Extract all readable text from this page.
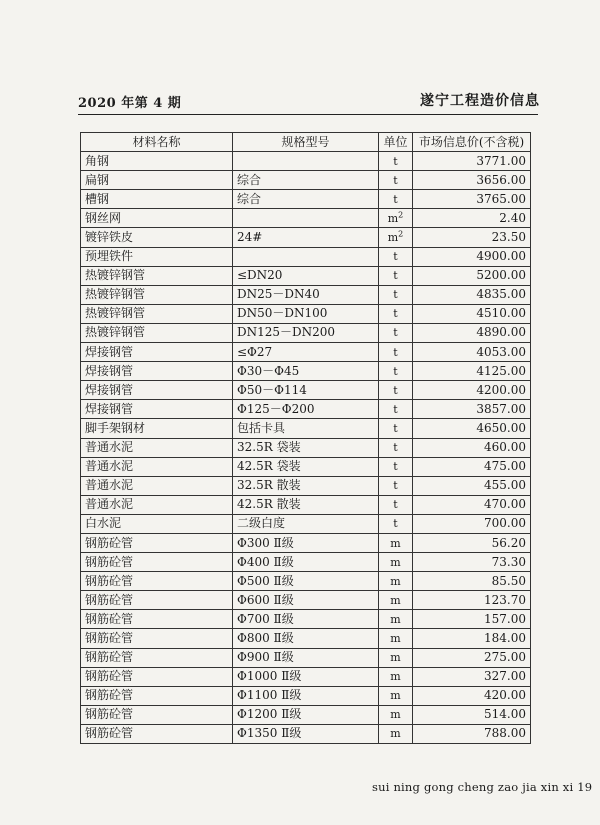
2020 年第 4 期	遂宁工程造价信息
材料名称	规格型号	单位	市场信息价(不含税)
角钢		t	3771.00
扁钢	综合	t	3656.00
槽钢	综合	t	3765.00
钢丝网		$m^2$	2.40
镀锌铁皮	24#	$m^2$	23.50
预埋铁件		t	4900.00
热镀锌钢管	≤DN20	t	5200.00
热镀锌钢管	DN25－DN40	t	4835.00
热镀锌钢管	DN50－DN100	t	4510.00
热镀锌钢管	DN125－DN200	t	4890.00
焊接钢管	≤Φ27	t	4053.00
焊接钢管	Φ30－Φ45	t	4125.00
焊接钢管	Φ50－Φ114	t	4200.00
焊接钢管	Φ125－Φ200	t	3857.00
脚手架钢材	包括卡具	t	4650.00
普通水泥	32.5R 袋装	t	460.00
普通水泥	42.5R 袋装	t	475.00
普通水泥	32.5R 散装	t	455.00
普通水泥	42.5R 散装	t	470.00
白水泥	二级白度	t	700.00
钢筋砼管	Φ300 Ⅱ级	m	56.20
钢筋砼管	Φ400 Ⅱ级	m	73.30
钢筋砼管	Φ500 Ⅱ级	m	85.50
钢筋砼管	Φ600 Ⅱ级	m	123.70
钢筋砼管	Φ700 Ⅱ级	m	157.00
钢筋砼管	Φ800 Ⅱ级	m	184.00
钢筋砼管	Φ900 Ⅱ级	m	275.00
钢筋砼管	Φ1000 Ⅱ级	m	327.00
钢筋砼管	Φ1100 Ⅱ级	m	420.00
钢筋砼管	Φ1200 Ⅱ级	m	514.00
钢筋砼管	Φ1350 Ⅱ级	m	788.00
sui ning gong cheng zao jia xin xi 19
